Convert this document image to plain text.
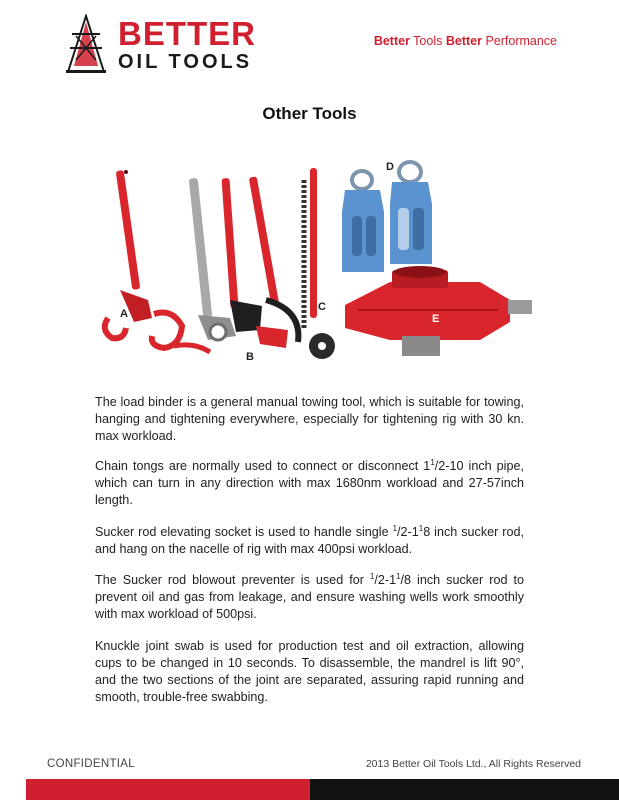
BETTER
OIL TOOLS
Better Tools Better Performance
Other Tools
A
B
C
D
E
The load binder is a general manual towing tool, which is suitable for towing, hanging and tightening everywhere, especially for tightening rig with 30 kn. max workload.
Chain tongs are normally used to connect or disconnect $1^1/2-10$ inch pipe, which can turn in any direction with max 1680nm workload and 27-57inch length.
Sucker rod elevating socket is used to handle single $^1/2-1^18$ inch sucker rod, and hang on the nacelle of rig with max 400psi workload.
The Sucker rod blowout preventer is used for $^1/2-1^1/8$ inch sucker rod to prevent oil and gas from leakage, and ensure washing wells work smoothly with max workload of 500psi.
Knuckle joint swab is used for production test and oil extraction, allowing cups to be changed in 10 seconds. To disassemble, the mandrel is lift 90°, and the two sections of the joint are separated, assuring rapid running and smooth, trouble-free swabbing.
CONFIDENTIAL	2013 Better Oil Tools Ltd., All Rights Reserved
